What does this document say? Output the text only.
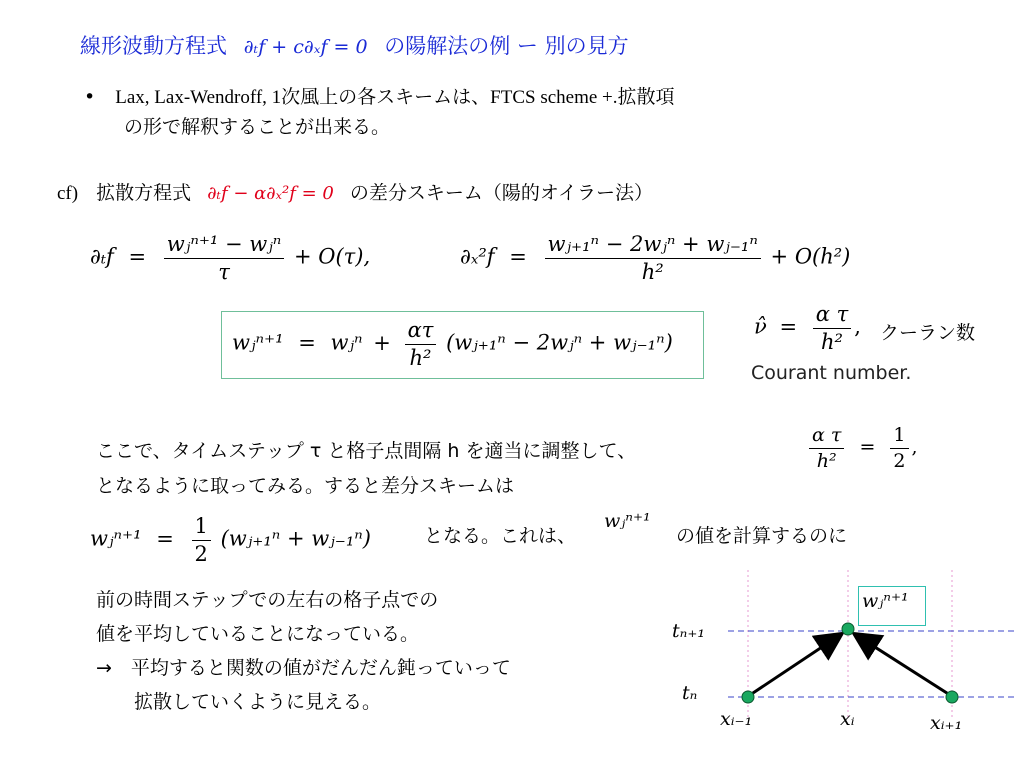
線形波動方程式 ∂ₜf + c∂ₓf = 0 の陽解法の例 ー 別の見方
• Lax, Lax-Wendroff, 1次風上の各スキームは、FTCS scheme +.拡散項
の形で解釈することが出来る。
cf) 拡散方程式 ∂ₜf − α∂ₓ²f = 0 の差分スキーム（陽的オイラー法）
$\partial_tf = \frac{\text{wⱼⁿ⁺¹ − wⱼⁿ}}{\tau} + O(\tau)$,	$\partial_x^2f = \frac{\text{wⱼ₊₁ⁿ − 2wⱼⁿ + wⱼ₋₁ⁿ}}{\text{h²}} + O(h^2)$
wⱼⁿ⁺¹ = wⱼⁿ + $\frac{\alpha\tau}{\text{h²}}$ (wⱼ₊₁ⁿ − 2wⱼⁿ + wⱼ₋₁ⁿ)
ν̂ = $\frac{\text{α τ}}{\text{h²}}$ , クーラン数
Courant number.
ここで、タイムステップ τ と格子点間隔 h を適当に調整して、	$\frac{\text{α τ}}{\text{h²}} = \frac{1}{2}$ ,
となるように取ってみる。すると差分スキームは
wⱼⁿ⁺¹ = $\frac{1}{2}$ (wⱼ₊₁ⁿ + wⱼ₋₁ⁿ)	となる。これは、
wⱼⁿ⁺¹
の値を計算するのに
前の時間ステップでの左右の格子点での
値を平均していることになっている。
→　平均すると関数の値がだんだん鈍っていって
　　拡散していくように見える。
wⱼⁿ⁺¹
tₙ₊₁
tₙ
xᵢ₋₁	xᵢ	xᵢ₊₁
